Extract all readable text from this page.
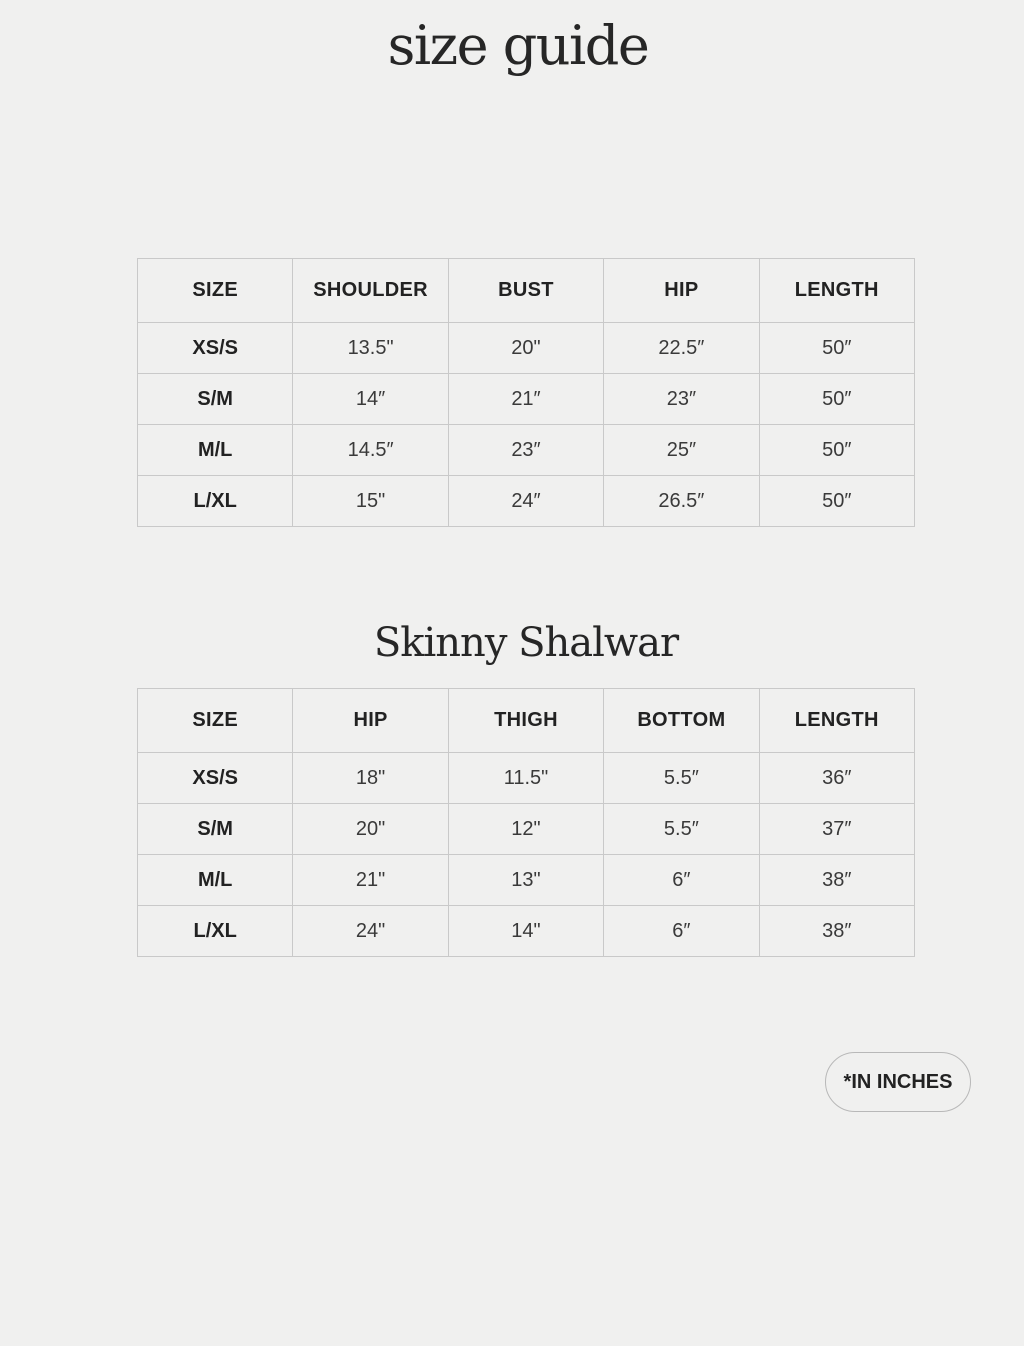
size guide
SIZE	SHOULDER	BUST	HIP	LENGTH
XS/S	13.5"	20"	22.5″	50″
S/M	14″	21″	23″	50″
M/L	14.5″	23″	25″	50″
L/XL	15"	24″	26.5″	50″
Skinny Shalwar
SIZE	HIP	THIGH	BOTTOM	LENGTH
XS/S	18"	11.5"	5.5″	36″
S/M	20"	12"	5.5″	37″
M/L	21"	13"	6″	38″
L/XL	24"	14"	6″	38″
*IN INCHES
